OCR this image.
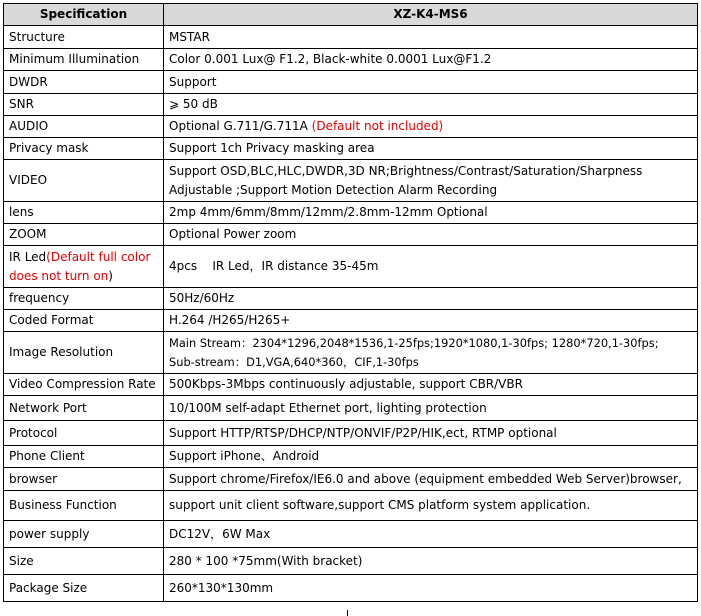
Specification	XZ-K4-MS6
Structure	MSTAR
Minimum Illumination	Color 0.001 Lux@ F1.2, Black-white 0.0001 Lux@F1.2
DWDR	Support
SNR	⩾ 50 dB
AUDIO	Optional G.711/G.711A (Default not included)
Privacy mask	Support 1ch Privacy masking area
VIDEO	Support OSD,BLC,HLC,DWDR,3D NR;Brightness/Contrast/Saturation/Sharpness
Adjustable ;Support Motion Detection Alarm Recording

lens	2mp 4mm/6mm/8mm/12mm/2.8mm-12mm Optional
ZOOM	Optional Power zoom

IR Led(Default full color
does not turn on)	4pcs    IR Led，IR distance 35-45m
frequency	50Hz/60Hz
Coded Format	H.264 /H265/H265+
Image Resolution	Main Stream：2304*1296,2048*1536,1-25fps;1920*1080,1-30fps; 1280*720,1-30fps;
Sub-stream：D1,VGA,640*360，CIF,1-30fps

Video Compression Rate	500Kbps-3Mbps continuously adjustable, support CBR/VBR
Network Port	10/100M self-adapt Ethernet port, lighting protection
Protocol	Support HTTP/RTSP/DHCP/NTP/ONVIF/P2P/HIK,ect, RTMP optional
Phone Client	Support iPhone、Android
browser	Support chrome/Firefox/IE6.0 and above (equipment embedded Web Server)browser,
Business Function	support unit client software,support CMS platform system application.
power supply	DC12V，6W Max
Size	280 * 100 *75mm(With bracket)
Package Size	260*130*130mm
